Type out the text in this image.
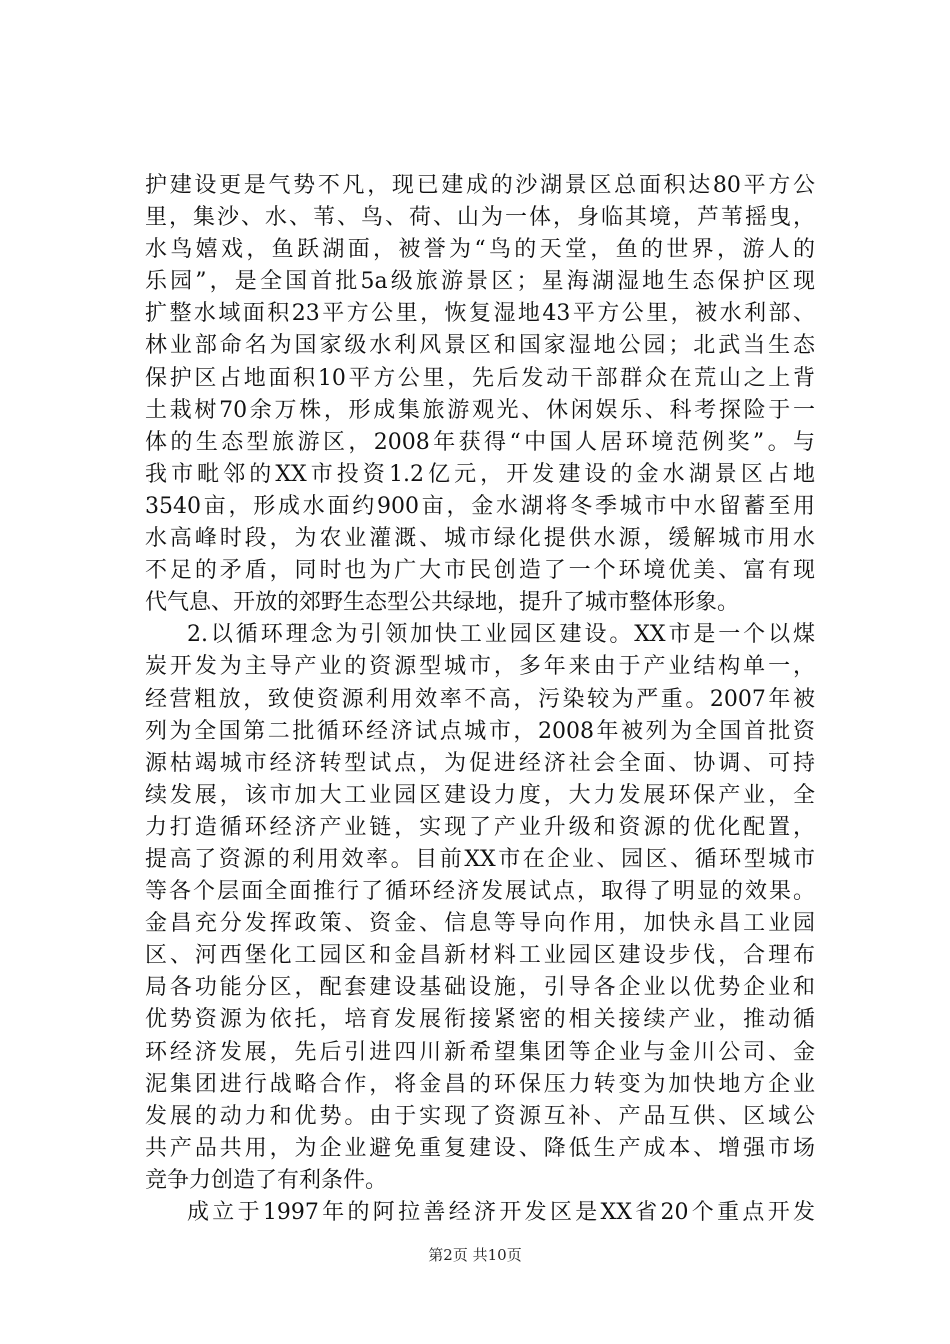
护建设更是气势不凡，现已建成的沙湖景区总面积达80平方公
里，集沙、水、苇、鸟、荷、山为一体，身临其境，芦苇摇曳，
水鸟嬉戏，鱼跃湖面，被誉为“鸟的天堂，鱼的世界，游人的
乐园”，是全国首批5a级旅游景区；星海湖湿地生态保护区现
扩整水域面积23平方公里，恢复湿地43平方公里，被水利部、
林业部命名为国家级水利风景区和国家湿地公园；北武当生态
保护区占地面积10平方公里，先后发动干部群众在荒山之上背
土栽树70余万株，形成集旅游观光、休闲娱乐、科考探险于一
体的生态型旅游区，2008年获得“中国人居环境范例奖”。与
我市毗邻的XX市投资1.2亿元，开发建设的金水湖景区占地
3540亩，形成水面约900亩，金水湖将冬季城市中水留蓄至用
水高峰时段，为农业灌溉、城市绿化提供水源，缓解城市用水
不足的矛盾，同时也为广大市民创造了一个环境优美、富有现
代气息、开放的郊野生态型公共绿地，提升了城市整体形象。
2.以循环理念为引领加快工业园区建设。XX市是一个以煤
炭开发为主导产业的资源型城市，多年来由于产业结构单一，
经营粗放，致使资源利用效率不高，污染较为严重。2007年被
列为全国第二批循环经济试点城市，2008年被列为全国首批资
源枯竭城市经济转型试点，为促进经济社会全面、协调、可持
续发展，该市加大工业园区建设力度，大力发展环保产业，全
力打造循环经济产业链，实现了产业升级和资源的优化配置，
提高了资源的利用效率。目前XX市在企业、园区、循环型城市
等各个层面全面推行了循环经济发展试点，取得了明显的效果。
金昌充分发挥政策、资金、信息等导向作用，加快永昌工业园
区、河西堡化工园区和金昌新材料工业园区建设步伐，合理布
局各功能分区，配套建设基础设施，引导各企业以优势企业和
优势资源为依托，培育发展衔接紧密的相关接续产业，推动循
环经济发展，先后引进四川新希望集团等企业与金川公司、金
泥集团进行战略合作，将金昌的环保压力转变为加快地方企业
发展的动力和优势。由于实现了资源互补、产品互供、区域公
共产品共用，为企业避免重复建设、降低生产成本、增强市场
竞争力创造了有利条件。
成立于1997年的阿拉善经济开发区是XX省20个重点开发
第2页 共10页
